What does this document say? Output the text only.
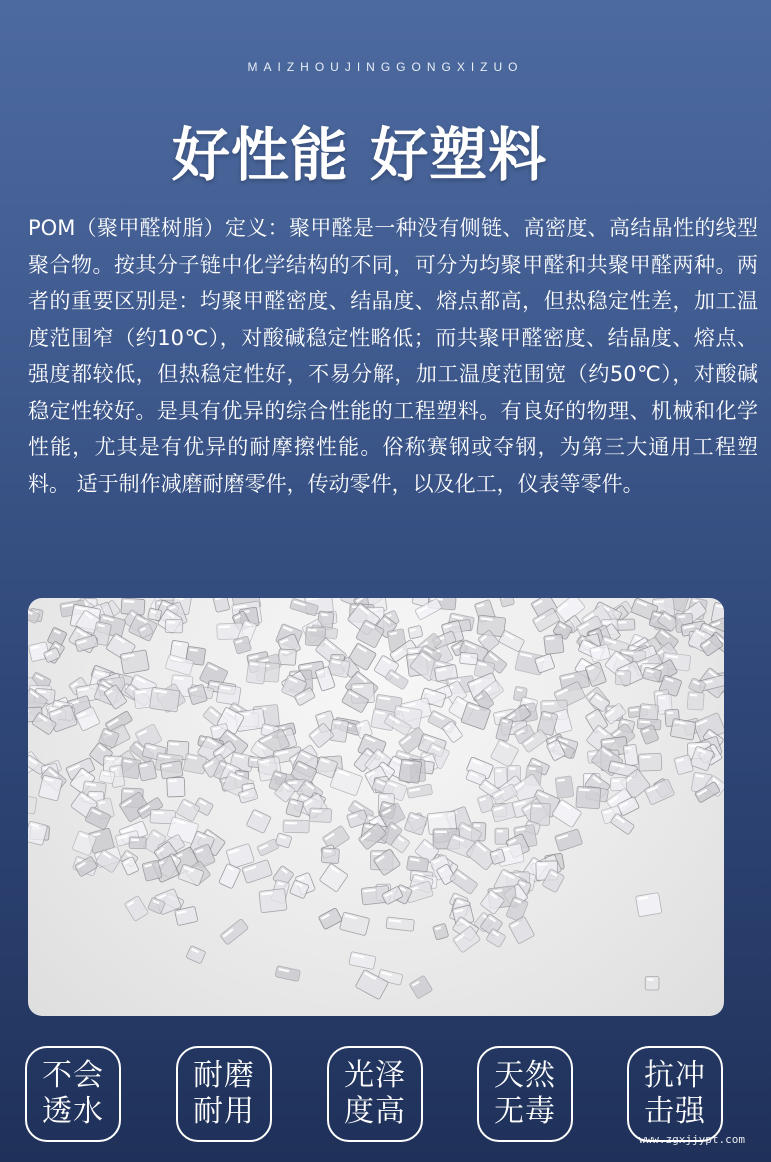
MAIZHOUJINGGONGXIZUO
好性能 好塑料

POM（聚甲醛树脂）定义：聚甲醛是一种没有侧链、高密度、高结晶性的线型聚合物。按其分子链中化学结构的不同，可分为均聚甲醛和共聚甲醛两种。两者的重要区别是：均聚甲醛密度、结晶度、熔点都高，但热稳定性差，加工温度范围窄（约10℃），对酸碱稳定性略低；而共聚甲醛密度、结晶度、熔点、强度都较低，但热稳定性好，不易分解，加工温度范围宽（约50℃），对酸碱稳定性较好。是具有优异的综合性能的工程塑料。有良好的物理、机械和化学性能，尤其是有优异的耐摩擦性能。俗称赛钢或夺钢，为第三大通用工程塑料。 适于制作减磨耐磨零件，传动零件，以及化工，仪表等零件。

不会
透水
耐磨
耐用
光泽
度高
天然
无毒
抗冲
击强
www.zgxjjypt.com
